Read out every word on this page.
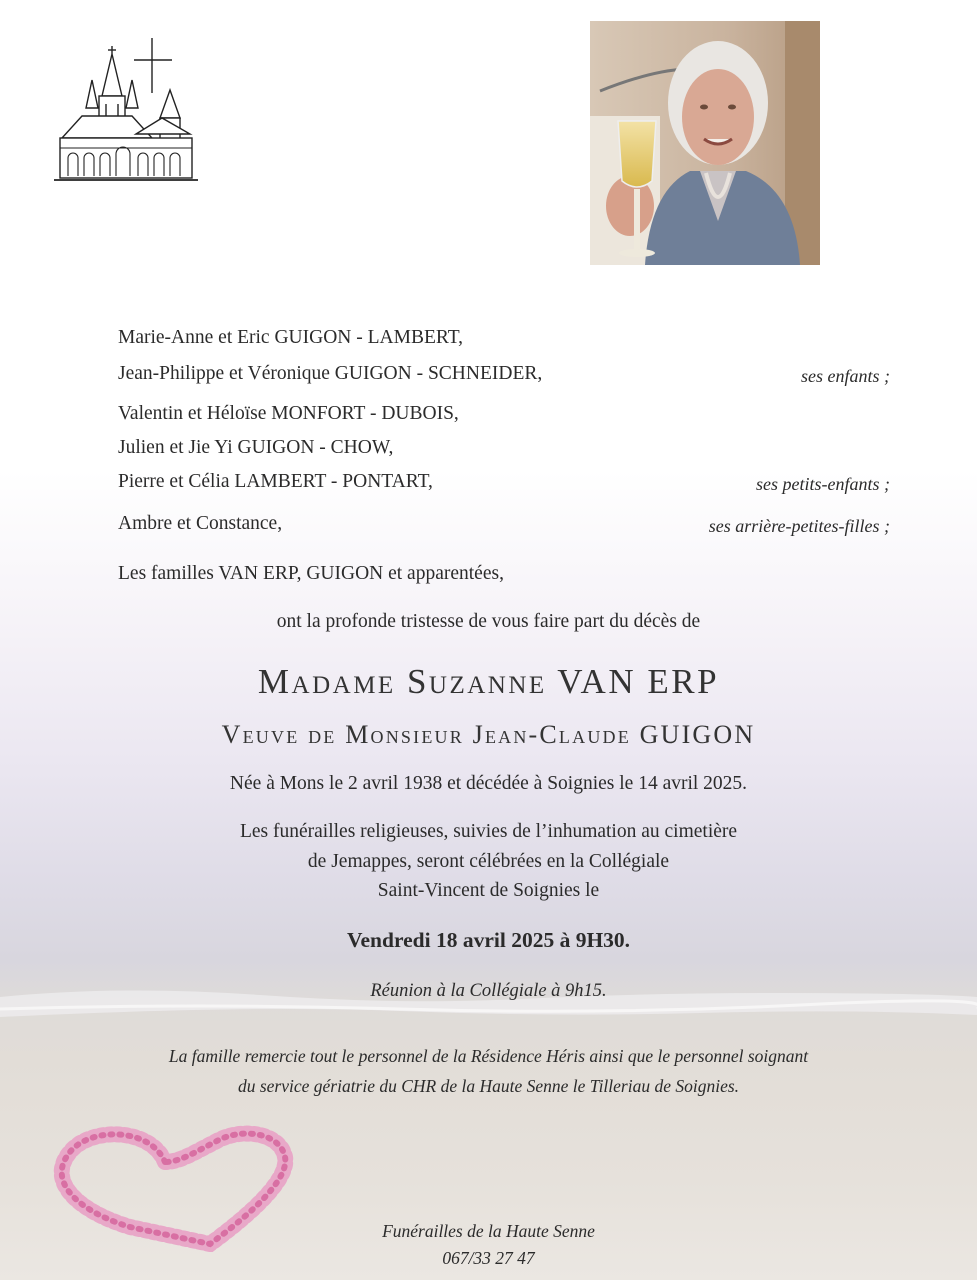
Marie-Anne et Eric GUIGON - LAMBERT,
Jean-Philippe et Véronique GUIGON - SCHNEIDER,	ses enfants ;
Valentin et Héloïse MONFORT - DUBOIS,
Julien et Jie Yi GUIGON - CHOW,
Pierre et Célia LAMBERT - PONTART,	ses petits-enfants ;
Ambre et Constance,	ses arrière-petites-filles ;
Les familles VAN ERP, GUIGON et apparentées,
ont la profonde tristesse de vous faire part du décès de
Madame Suzanne VAN ERP
Veuve de Monsieur Jean-Claude GUIGON
Née à Mons le 2 avril 1938 et décédée à Soignies le 14 avril 2025.
Les funérailles religieuses, suivies de l’inhumation au cimetière
de Jemappes, seront célébrées en la Collégiale
Saint-Vincent de Soignies le
Vendredi 18 avril 2025 à 9H30.
Réunion à la Collégiale à 9h15.
La famille remercie tout le personnel de la Résidence Héris ainsi que le personnel soignant
du service gériatrie du CHR de la Haute Senne le Tilleriau de Soignies.
Funérailles de la Haute Senne
067/33 27 47
